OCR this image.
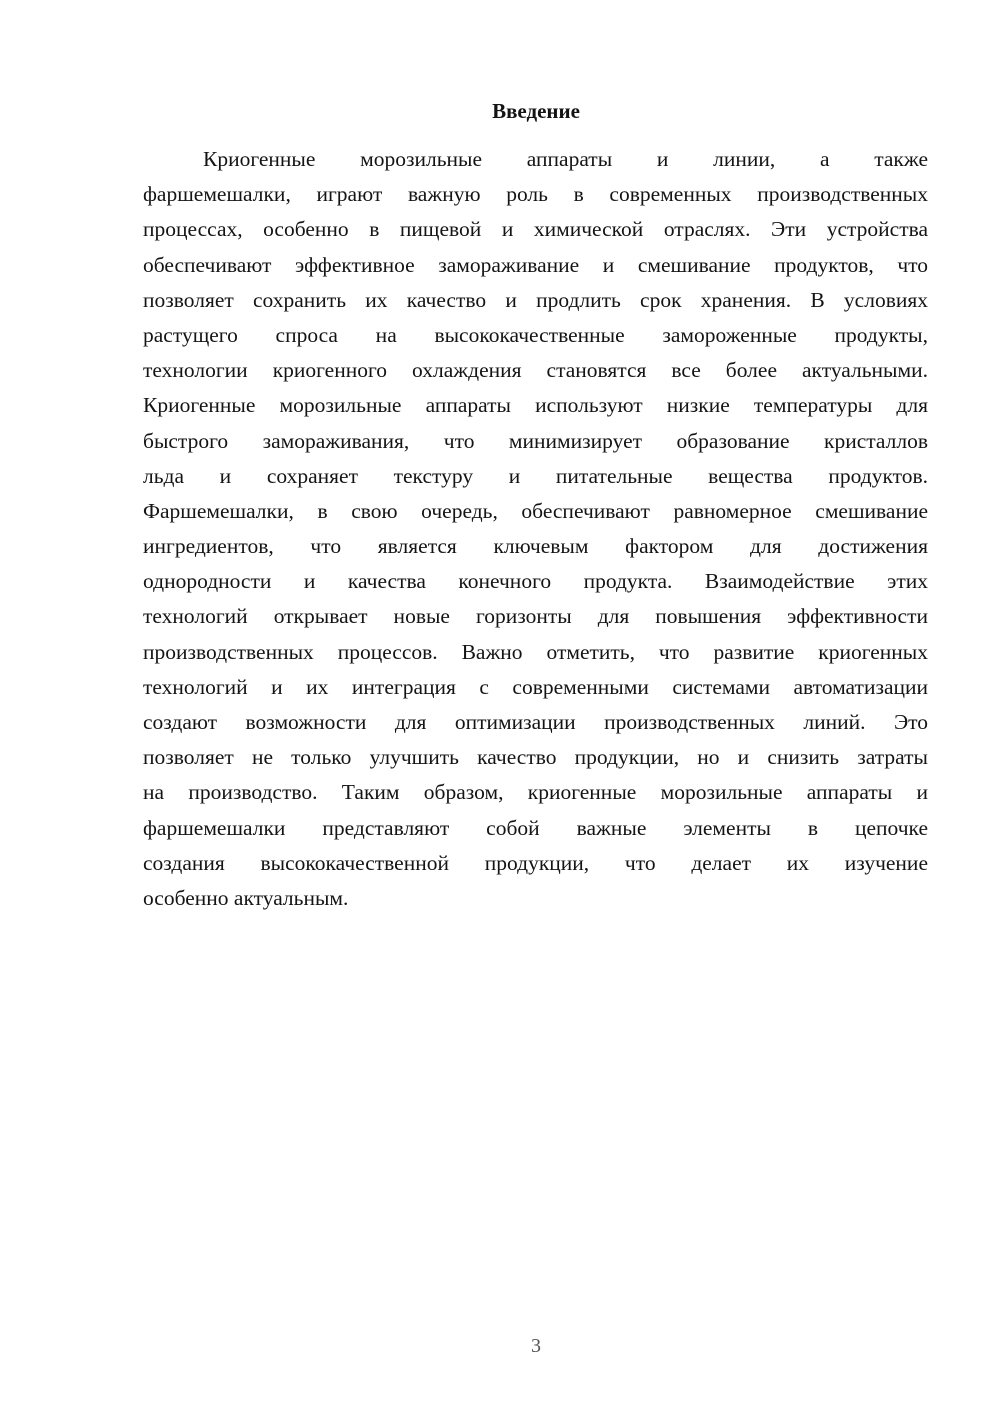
Введение
Криогенные морозильные аппараты и линии, а также
фаршемешалки, играют важную роль в современных производственных
процессах, особенно в пищевой и химической отраслях. Эти устройства
обеспечивают эффективное замораживание и смешивание продуктов, что
позволяет сохранить их качество и продлить срок хранения. В условиях
растущего спроса на высококачественные замороженные продукты,
технологии криогенного охлаждения становятся все более актуальными.
Криогенные морозильные аппараты используют низкие температуры для
быстрого замораживания, что минимизирует образование кристаллов
льда и сохраняет текстуру и питательные вещества продуктов.
Фаршемешалки, в свою очередь, обеспечивают равномерное смешивание
ингредиентов, что является ключевым фактором для достижения
однородности и качества конечного продукта. Взаимодействие этих
технологий открывает новые горизонты для повышения эффективности
производственных процессов. Важно отметить, что развитие криогенных
технологий и их интеграция с современными системами автоматизации
создают возможности для оптимизации производственных линий. Это
позволяет не только улучшить качество продукции, но и снизить затраты
на производство. Таким образом, криогенные морозильные аппараты и
фаршемешалки представляют собой важные элементы в цепочке
создания высококачественной продукции, что делает их изучение
особенно актуальным.
3
